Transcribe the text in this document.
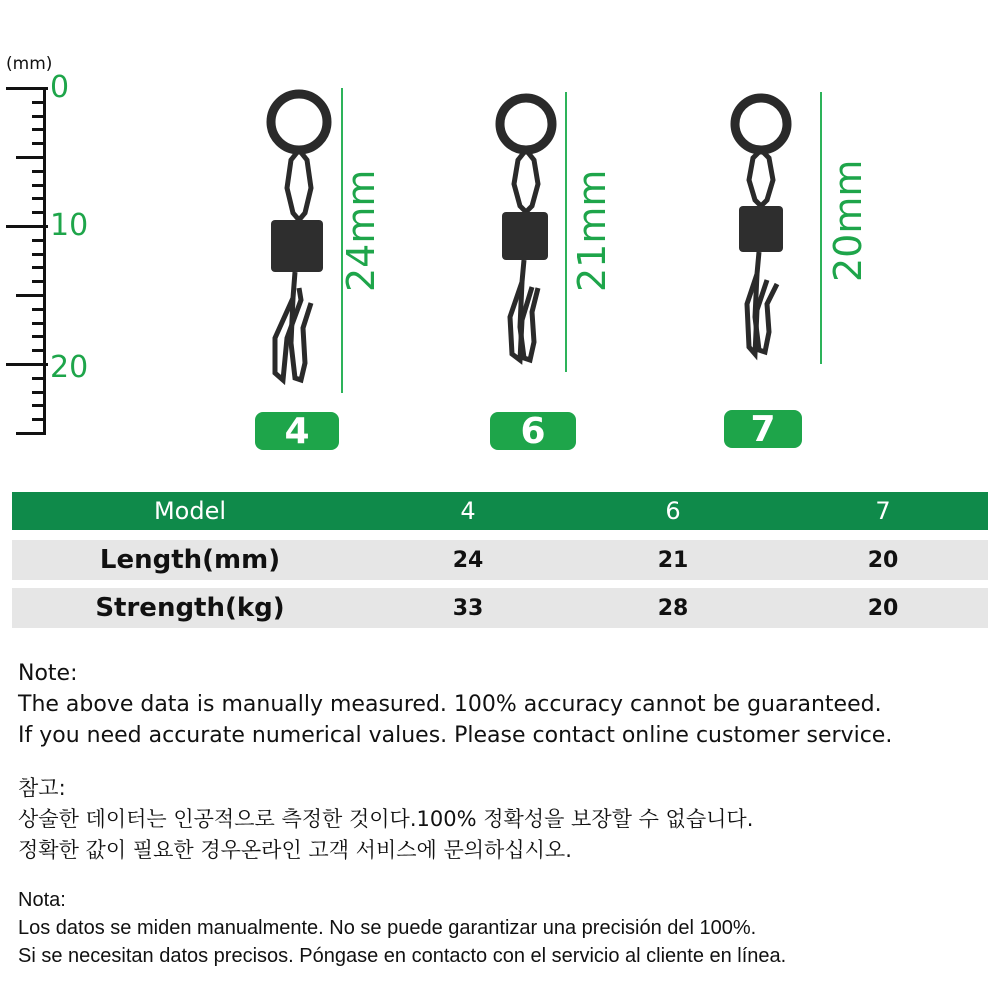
(mm)
0
10
20
24mm
4
21mm
6
20mm
7
Model	4	6	7
Length(mm)	24	21	20
Strength(kg)	33	28	20
Note:
The above data is manually measured. 100% accuracy cannot be guaranteed.
If you need accurate numerical values. Please contact online customer service.
참고:
상술한 데이터는 인공적으로 측정한 것이다.100% 정확성을 보장할 수 없습니다.
정확한 값이 필요한 경우온라인 고객 서비스에 문의하십시오.
Nota:
Los datos se miden manualmente. No se puede garantizar una precisión del 100%.
Si se necesitan datos precisos. Póngase en contacto con el servicio al cliente en línea.
